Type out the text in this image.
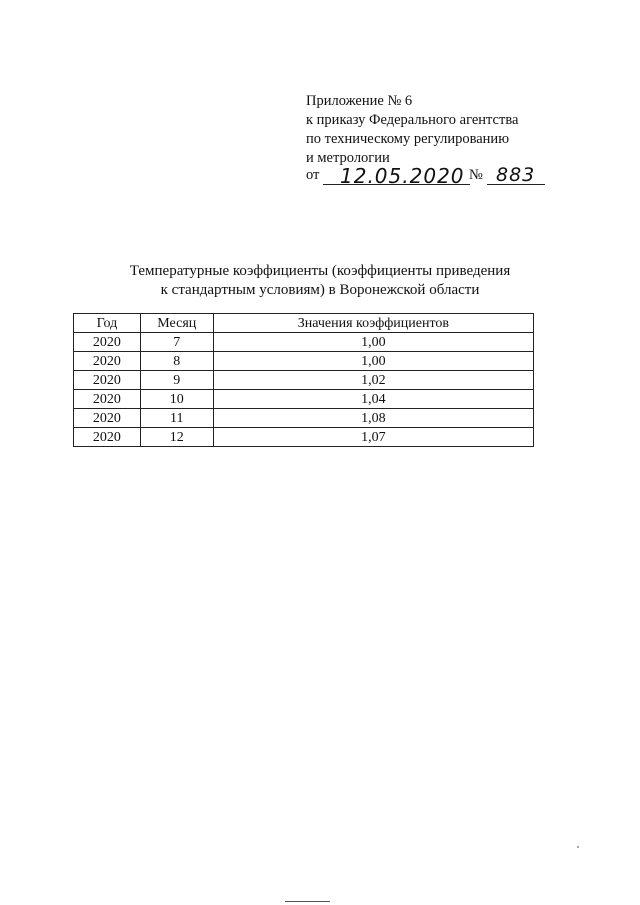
Приложение № 6
к приказу Федерального агентства
по техническому регулированию
и метрологии
от 12.05.2020 № 883
Температурные коэффициенты (коэффициенты приведения
к стандартным условиям) в Воронежской области
Год	Месяц	Значения коэффициентов
2020	7	1,00
2020	8	1,00
2020	9	1,02
2020	10	1,04
2020	11	1,08
2020	12	1,07
